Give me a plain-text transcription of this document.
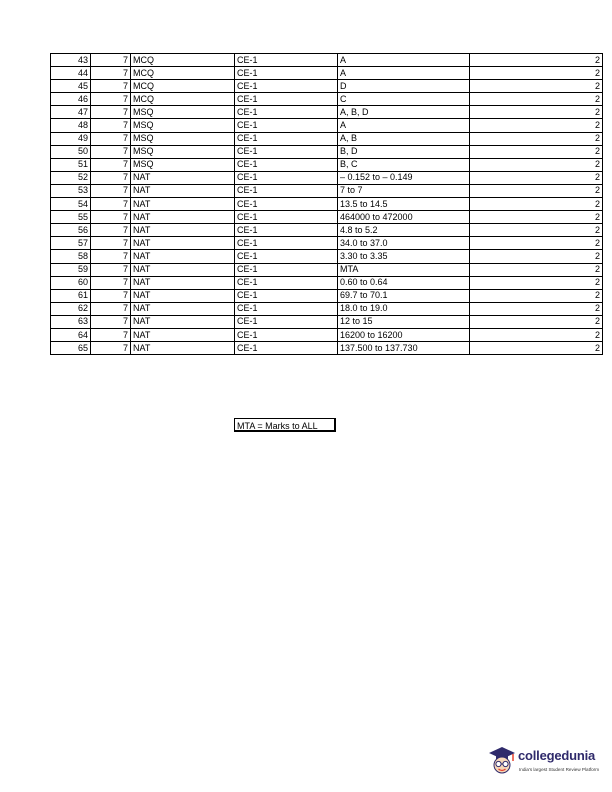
43	7	MCQ	CE-1	A	2
44	7	MCQ	CE-1	A	2
45	7	MCQ	CE-1	D	2
46	7	MCQ	CE-1	C	2
47	7	MSQ	CE-1	A, B, D	2
48	7	MSQ	CE-1	A	2
49	7	MSQ	CE-1	A, B	2
50	7	MSQ	CE-1	B, D	2
51	7	MSQ	CE-1	B, C	2
52	7	NAT	CE-1	– 0.152 to – 0.149	2
53	7	NAT	CE-1	7 to 7	2
54	7	NAT	CE-1	13.5 to 14.5	2
55	7	NAT	CE-1	464000 to 472000	2
56	7	NAT	CE-1	4.8 to 5.2	2
57	7	NAT	CE-1	34.0 to 37.0	2
58	7	NAT	CE-1	3.30 to 3.35	2
59	7	NAT	CE-1	MTA	2
60	7	NAT	CE-1	0.60 to 0.64	2
61	7	NAT	CE-1	69.7 to 70.1	2
62	7	NAT	CE-1	18.0 to 19.0	2
63	7	NAT	CE-1	12 to 15	2
64	7	NAT	CE-1	16200 to 16200	2
65	7	NAT	CE-1	137.500 to 137.730	2
MTA = Marks to ALL
collegedunia
India's largest Student Review Platform
